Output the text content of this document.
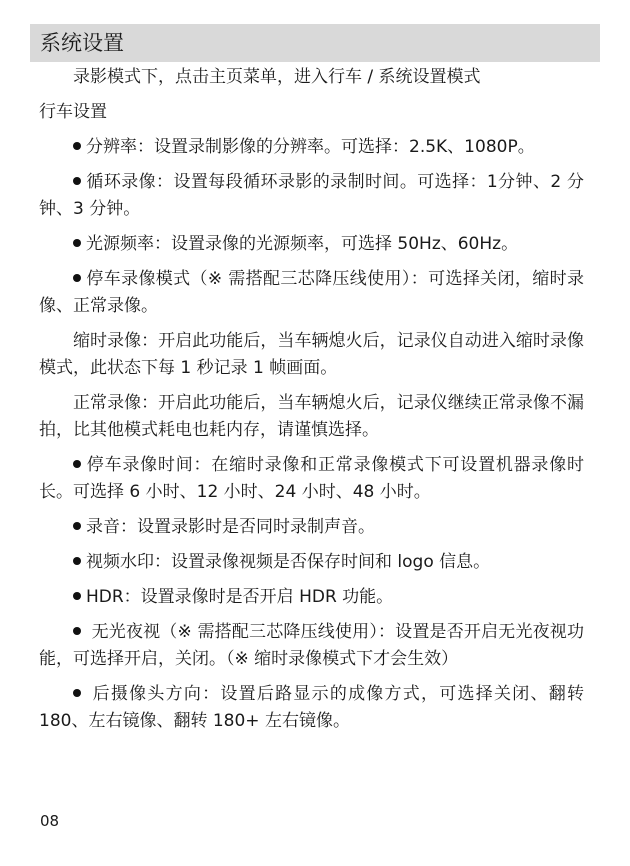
系统设置

录影模式下，点击主页菜单，进入行车 / 系统设置模式

行车设置

分辨率：设置录制影像的分辨率。可选择：2.5K、1080P。

循环录像：设置每段循环录影的录制时间。可选择：1分钟、2 分钟、3 分钟。

光源频率：设置录像的光源频率，可选择 50Hz、60Hz。

停车录像模式（※ 需搭配三芯降压线使用）：可选择关闭，缩时录像、正常录像。

缩时录像：开启此功能后，当车辆熄火后，记录仪自动进入缩时录像模式，此状态下每 1 秒记录 1 帧画面。

正常录像：开启此功能后，当车辆熄火后，记录仪继续正常录像不漏拍，比其他模式耗电也耗内存，请谨慎选择。

停车录像时间：在缩时录像和正常录像模式下可设置机器录像时长。可选择 6 小时、12 小时、24 小时、48 小时。

录音：设置录影时是否同时录制声音。

视频水印：设置录像视频是否保存时间和 logo 信息。

HDR：设置录像时是否开启 HDR 功能。

无光夜视（※ 需搭配三芯降压线使用）：设置是否开启无光夜视功能，可选择开启，关闭。（※ 缩时录像模式下才会生效）

后摄像头方向：设置后路显示的成像方式，可选择关闭、翻转 180、左右镜像、翻转 180+ 左右镜像。

08
